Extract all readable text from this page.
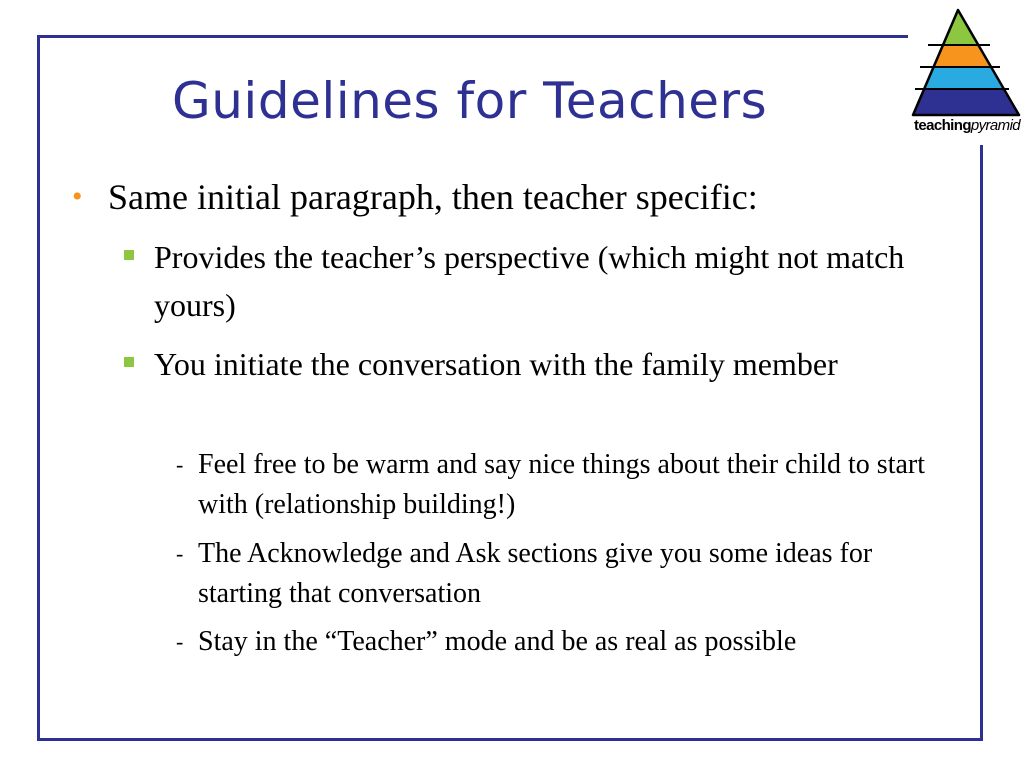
Guidelines for Teachers	teachingpyramid
• Same initial paragraph, then teacher specific:
Provides the teacher’s perspective (which might not match yours)
You initiate the conversation with the family member
- Feel free to be warm and say nice things about their child to start with (relationship building!)
- The Acknowledge and Ask sections give you some ideas for starting that conversation
- Stay in the “Teacher” mode and be as real as possible
